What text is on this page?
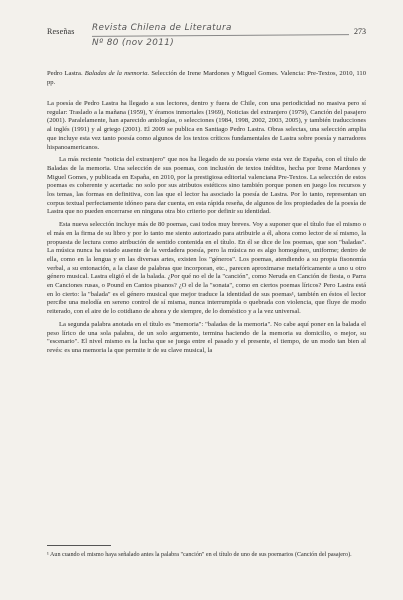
Reseñas	273
Revista Chilena de Literatura
Nº 80 (nov 2011)
Pedro Lastra. Baladas de la memoria. Selección de Irene Mardones y Miguel Gomes. Valencia: Pre-Textos, 2010, 110 pp.

La poesía de Pedro Lastra ha llegado a sus lectores, dentro y fuera de Chile, con una periodicidad no masiva pero sí regular: Traslado a la mañana (1959), Y éramos inmortales (1969), Noticias del extranjero (1979), Canción del pasajero (2001). Paralelamente, han aparecido antologías, o selecciones (1984, 1998, 2002, 2003, 2005), y también traducciones al inglés (1991) y al griego (2001). El 2009 se publica en Santiago Pedro Lastra. Obras selectas, una selección amplia que incluye esta vez tanto poesía como algunos de los textos críticos fundamentales de Lastra sobre poesía y narradores hispanoamericanos.

La más reciente "noticia del extranjero" que nos ha llegado de su poesía viene esta vez de España, con el título de Baladas de la memoria. Una selección de sus poemas, con inclusión de textos inéditos, hecha por Irene Mardones y Miguel Gomes, y publicada en España, en 2010, por la prestigiosa editorial valenciana Pre-Textos. La selección de estos poemas es coherente y acertada: no solo por sus atributos estéticos sino también porque ponen en juego los recursos y los temas, las formas en definitiva, con las que el lector ha asociado la poesía de Lastra. Por lo tanto, representan un corpus textual perfectamente idóneo para dar cuenta, en esta rápida reseña, de algunos de los propiedades de la poesía de Lastra que no pueden encerrarse en ninguna otra bio criterio por definir su identidad.

Esta nueva selección incluye más de 80 poemas, casi todos muy breves. Voy a suponer que el título fue el mismo o el más en la firma de su libro y por lo tanto me siento autorizado para atribuirle a él, ahora como lector de sí mismo, la propuesta de lectura como atribución de sentido contenida en el título. En él se dice de los poemas, que son "baladas". La música nunca ha estado ausente de la verdadera poesía, pero la música no es algo homogéneo, uniforme; dentro de ella, como en la lengua y en las diversas artes, existen los "géneros". Los poemas, atendiendo a su propia fisonomía verbal, a su entonación, a la clase de palabras que incorporan, etc., parecen aproximarse metafóricamente a uno u otro género musical. Lastra eligió el de la balada. ¿Por qué no el de la "canción", como Neruda en Canción de fiesta, o Parra en Canciones rusas, o Pound en Cantos pisanos? ¿O el de la "sonata", como en ciertos poemas líricos? Pero Lastra está en lo cierto: la "balada" es el género musical que mejor traduce la identidad de sus poemas¹, también en éstos el lector percibe una melodía en sereno control de sí misma, nunca interrumpida o quebrada con violencia, que fluye de modo reiterado, con el aire de lo cotidiano de ahora y de siempre, de lo doméstico y a la vez universal.

La segunda palabra anotada en el título es "memoria": "baladas de la memoria". No cabe aquí poner en la balada el peso lírico de una sola palabra, de un solo argumento, termina haciendo de la memoria su domicilio, o mejor, su "escenario". El nivel mismo es la lucha que se juega entre el pasado y el presente, el tiempo, de un modo tan bien al revés: es una memoria la que permite ir de su clave musical, la

¹ Aun cuando el mismo haya señalado antes la palabra "canción" en el título de uno de sus poemarios (Canción del pasajero).
